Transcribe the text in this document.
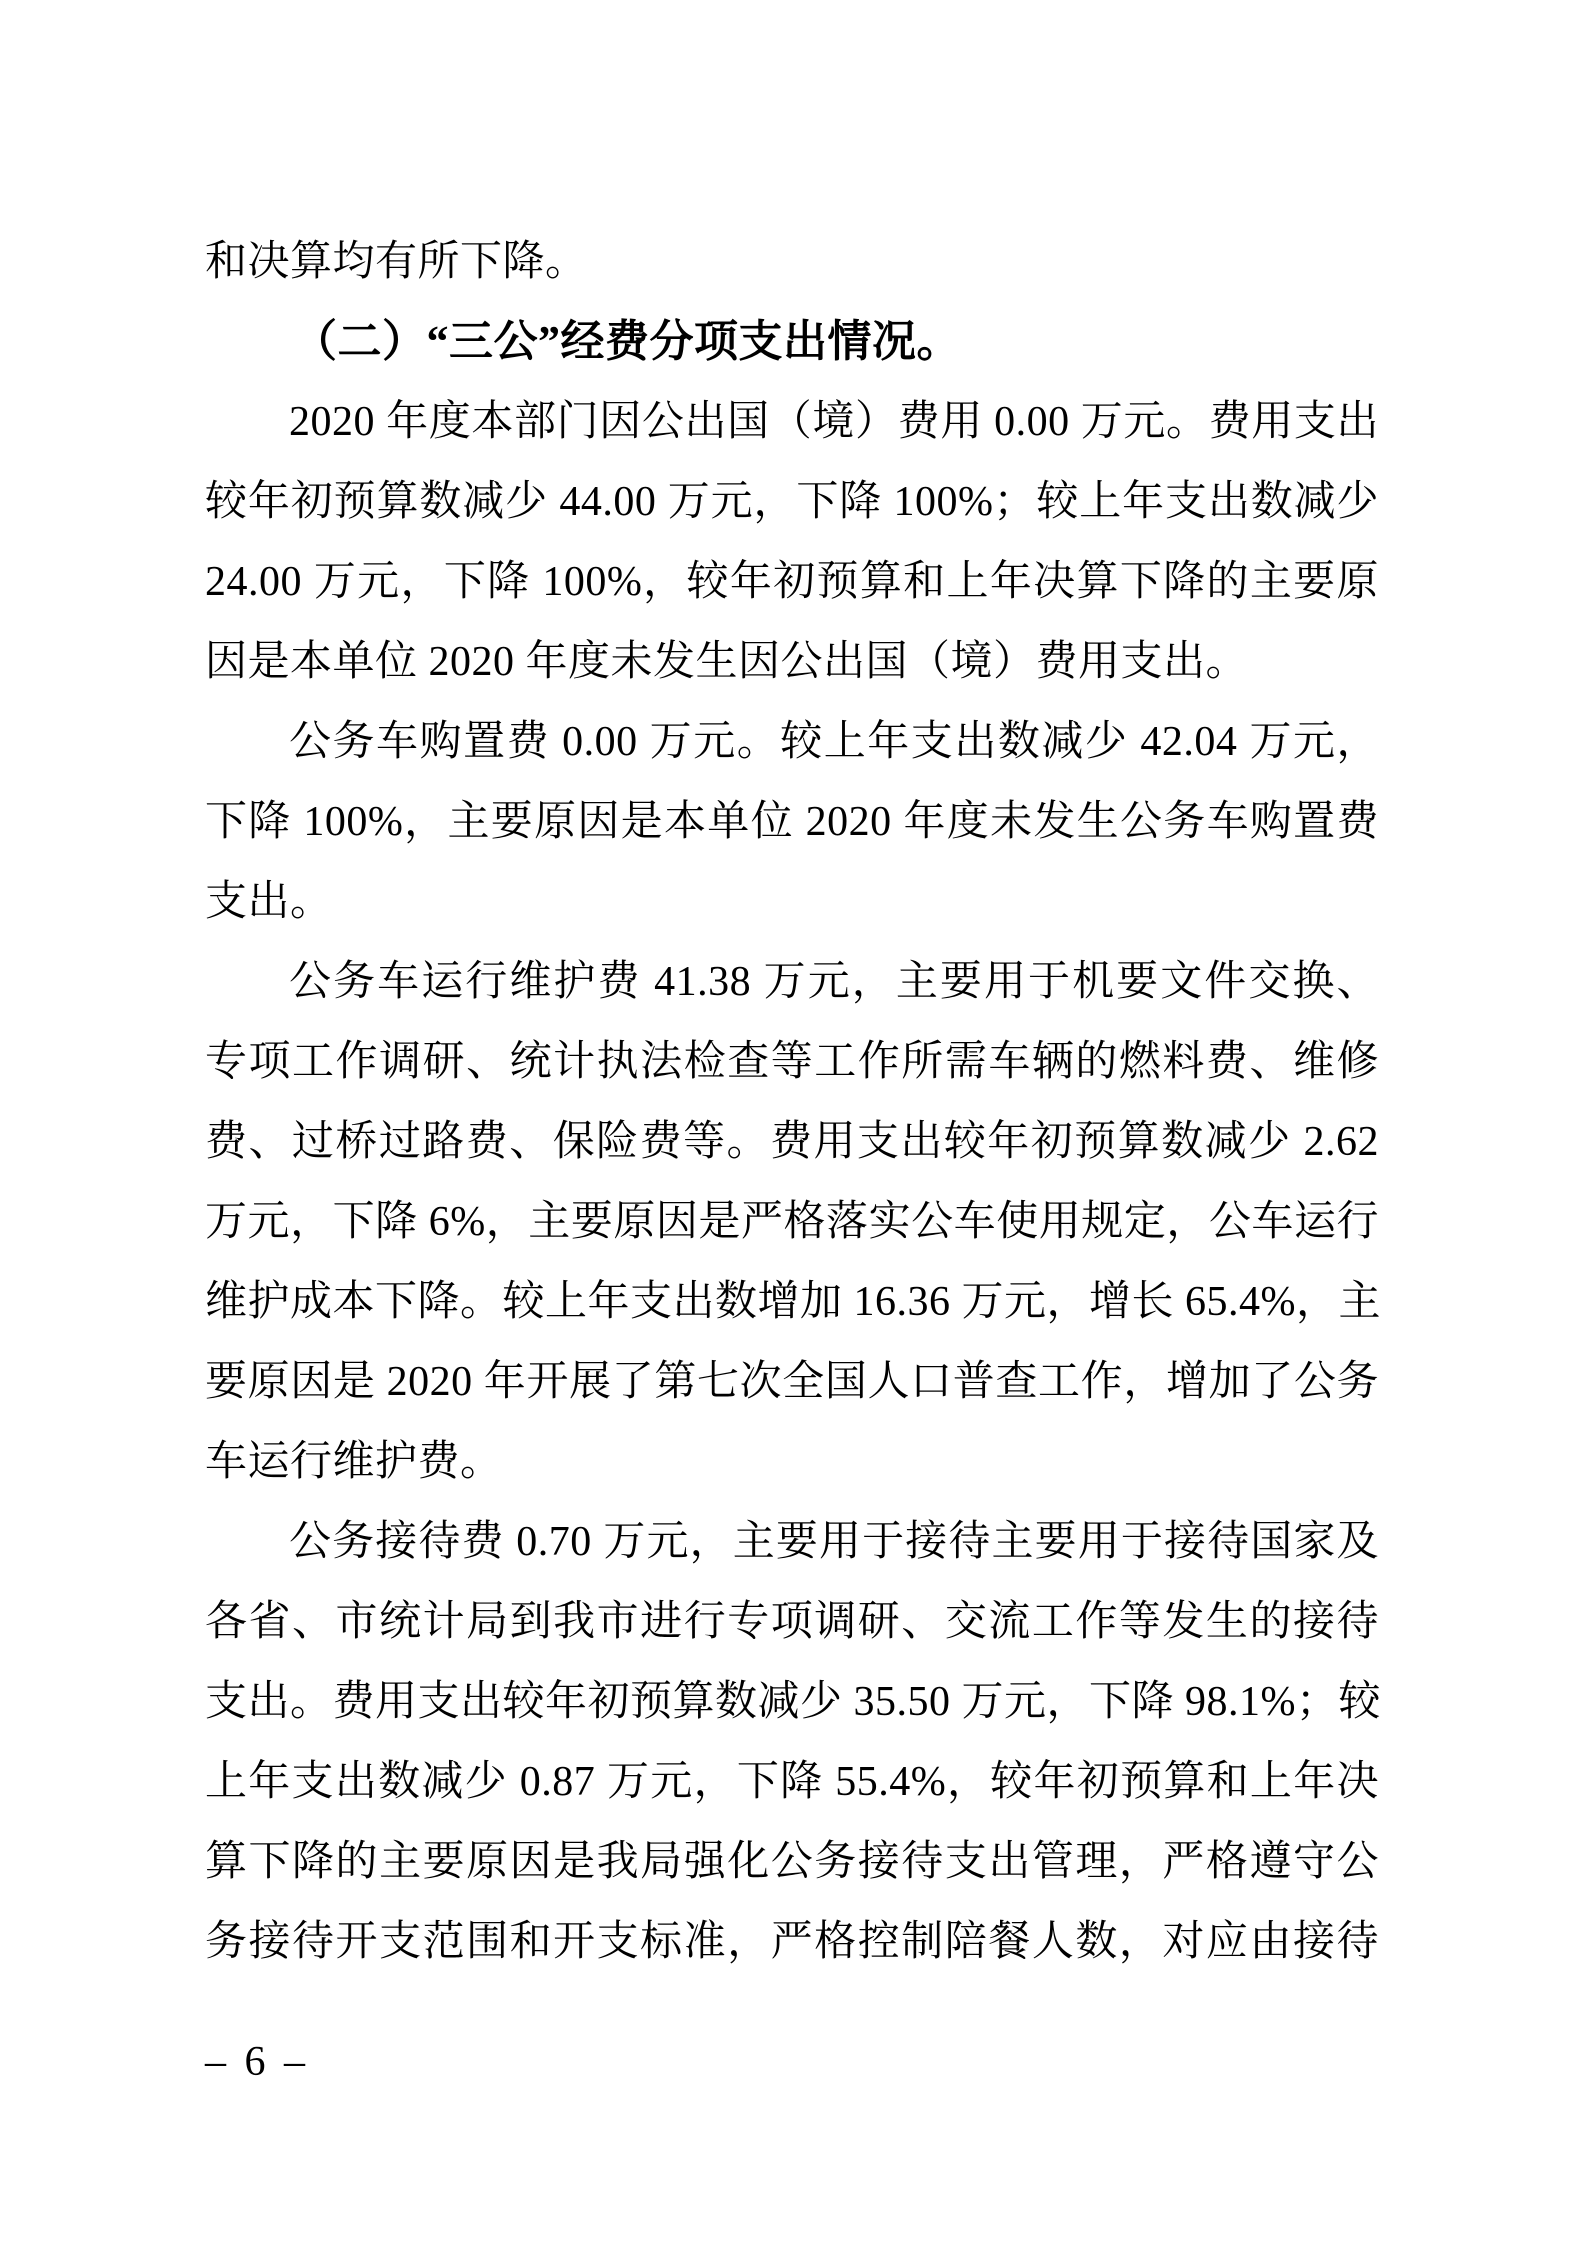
和决算均有所下降。
（二）“三公”经费分项支出情况。
2020 年度本部门因公出国（境）费用 0.00 万元。费用支出
较年初预算数减少 44.00 万元，下降 100%；较上年支出数减少
24.00 万元，下降 100%，较年初预算和上年决算下降的主要原
因是本单位 2020 年度未发生因公出国（境）费用支出。
公务车购置费 0.00 万元。较上年支出数减少 42.04 万元，
下降 100%，主要原因是本单位 2020 年度未发生公务车购置费
支出。
公务车运行维护费 41.38 万元，主要用于机要文件交换、
专项工作调研、统计执法检查等工作所需车辆的燃料费、维修
费、过桥过路费、保险费等。费用支出较年初预算数减少 2.62
万元，下降 6%，主要原因是严格落实公车使用规定，公车运行
维护成本下降。较上年支出数增加 16.36 万元，增长 65.4%，主
要原因是 2020 年开展了第七次全国人口普查工作，增加了公务
车运行维护费。
公务接待费 0.70 万元，主要用于接待主要用于接待国家及
各省、市统计局到我市进行专项调研、交流工作等发生的接待
支出。费用支出较年初预算数减少 35.50 万元，下降 98.1%；较
上年支出数减少 0.87 万元，下降 55.4%，较年初预算和上年决
算下降的主要原因是我局强化公务接待支出管理，严格遵守公
务接待开支范围和开支标准，严格控制陪餐人数，对应由接待
– 6 –
